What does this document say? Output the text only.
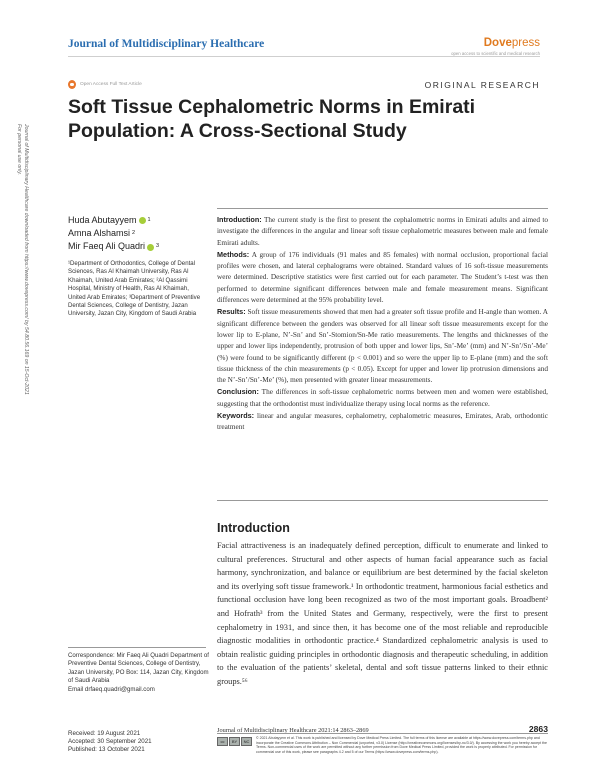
Journal of Multidisciplinary Healthcare	Dovepress
open access to scientific and medical research
Open Access Full Text Article	ORIGINAL RESEARCH
Soft Tissue Cephalometric Norms in Emirati Population: A Cross-Sectional Study
Journal of Multidisciplinary Healthcare downloaded from https://www.dovepress.com/ by 54.80.56.169 on 15-Oct-2021
For personal use only.
Huda Abutayyem 1
Amna Alshamsi 2
Mir Faeq Ali Quadri 3
¹Department of Orthodontics, College of Dental Sciences, Ras Al Khaimah University, Ras Al Khaimah, United Arab Emirates; ²Al Qassimi Hospital, Ministry of Health, Ras Al Khaimah, United Arab Emirates; ³Department of Preventive Dental Sciences, College of Dentistry, Jazan University, Jazan City, Kingdom of Saudi Arabia

Introduction: The current study is the first to present the cephalometric norms in Emirati adults and aimed to investigate the differences in the angular and linear soft tissue cephalometric measures between male and female Emirati adults.

Methods: A group of 176 individuals (91 males and 85 females) with normal occlusion, proportional facial profiles were chosen, and lateral cephalograms were obtained. Standard values of 16 soft-tissue measurements were determined. Descriptive statistics were first carried out for each parameter. The Student’s t-test was then performed to determine significant differences between male and female measurement means. Significant differences were determined at the 95% probability level.

Results: Soft tissue measurements showed that men had a greater soft tissue profile and H-angle than women. A significant difference between the genders was observed for all linear soft tissue measurements except for the lower lip to E-plane, N’-Sn’ and Sn’-Stomion/Sn-Me ratio measurements. The lengths and thicknesses of the upper and lower lips independently, protrusion of both upper and lower lips, Sn’-Me’ (mm) and N’-Sn’/Sn’-Me’ (%) were found to be significantly different (p < 0.001) and so were the upper lip to E-plane (mm) and the soft tissue thickness of the chin measurements (p < 0.05). Except for upper and lower lip protrusion dimensions and the N’-Sn’/Sn’-Me’ (%), men presented with greater linear measurements.

Conclusion: The differences in soft-tissue cephalometric norms between men and women were established, suggesting that the orthodontist must individualize therapy using local norms as the reference.

Keywords: linear and angular measures, cephalometry, cephalometric measures, Emirates, Arab, orthodontic treatment

Introduction

Facial attractiveness is an inadequately defined perception, difficult to enumerate and linked to cultural preferences. Structural and other aspects of human facial appearance such as facial harmony, synchronization, and balance or equilibrium are best determined by the facial skeleton and its overlying soft tissue framework.¹ In orthodontic treatment, harmonious facial esthetics and functional occlusion have long been recognized as two of the most important goals. Broadbent² and Hofrath³ from the United States and Germany, respectively, were the first to present cephalometry in 1931, and since then, it has become one of the most reliable and reproducible diagnostic modalities in orthodontic practice.⁴ Standardized cephalometric analysis is used to obtain realistic guiding principles in orthodontic diagnosis and therapeutic scheduling, in addition to the evaluation of the patients’ skeletal, dental and soft tissue patterns linked to their ethnic groups.⁵⁶

Correspondence: Mir Faeq Ali Quadri Department of Preventive Dental Sciences, College of Dentistry, Jazan University, PO Box: 114, Jazan City, Kingdom of Saudi Arabia
Email drfaeq.quadri@gmail.com
Received: 19 August 2021
Accepted: 30 September 2021
Published: 13 October 2021
Journal of Multidisciplinary Healthcare 2021:14 2863–2869	2863
cc	BY	NC
© 2021 Abutayyem et al. This work is published and licensed by Dove Medical Press Limited. The full terms of this license are available at https://www.dovepress.com/terms.php and incorporate the Creative Commons Attribution – Non Commercial (unported, v3.0) License (http://creativecommons.org/licenses/by-nc/3.0/). By accessing the work you hereby accept the Terms. Non-commercial uses of the work are permitted without any further permission from Dove Medical Press Limited, provided the work is properly attributed. For permission for commercial use of this work, please see paragraphs 4.2 and 5 of our Terms (https://www.dovepress.com/terms.php).
